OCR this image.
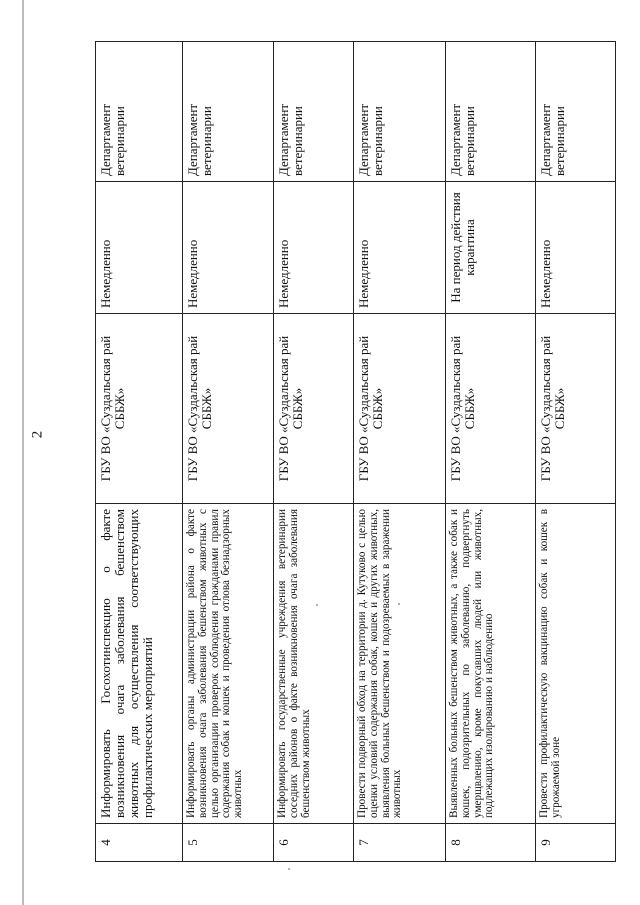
2
4	Информировать Госохотинспекцию о факте возникновения очага заболевания бешенством животных для осуществления соответствующих профилактических мероприятий	ГБУ ВО «Суздальская рай СББЖ»	Немедленно	Департамент ветеринарии
5	Информировать органы администрации района о факте возникновения очага заболевания бешенством животных с целью организации проверок соблюдения гражданами правил содержания собак и кошек и проведения отлова безнадзорных животных	ГБУ ВО «Суздальская рай СББЖ»	Немедленно	Департамент ветеринарии
6	Информировать государственные учреждения ветеринарии соседних районов о факте возникновения очага заболевания бешенством животных	ГБУ ВО «Суздальская рай СББЖ»	Немедленно	Департамент ветеринарии
7	Провести подворный обход на территории д. Кутуково с целью оценки условий содержания собак, кошек и других животных, выявления больных бешенством и подозреваемых в заражении животных	ГБУ ВО «Суздальская рай СББЖ»	Немедленно	Департамент ветеринарии
8	Выявленных больных бешенством животных, а также собак и кошек, подозрительных по заболеванию, подвергнуть умерщвлению, кроме покусавших людей или животных, подлежащих изолированию и наблюдению	ГБУ ВО «Суздальская рай СББЖ»	На период действия карантина	Департамент ветеринарии
9	Провести профилактическую вакцинацию собак и кошек в угрожаемой зоне	ГБУ ВО «Суздальская рай СББЖ»	Немедленно	Департамент ветеринарии
